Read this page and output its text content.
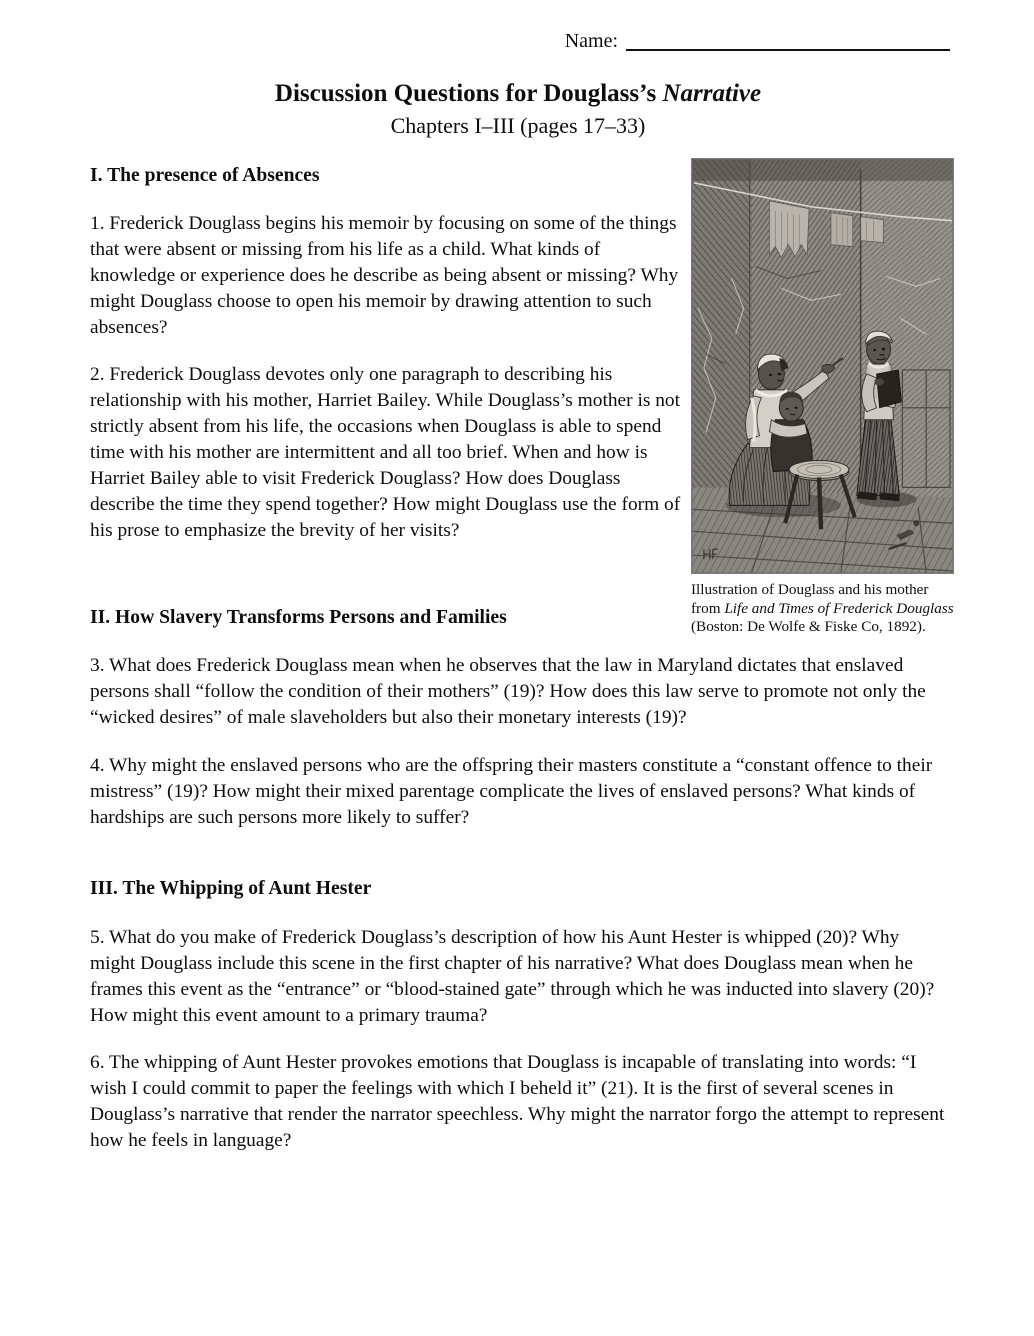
Name:
Discussion Questions for Douglass’s Narrative
Chapters I–III (pages 17–33)
Illustration of Douglass and his mother
from Life and Times of Frederick Douglass
(Boston: De Wolfe & Fiske Co, 1892).
I. The presence of Absences
1. Frederick Douglass begins his memoir by focusing on some of the things that were absent or missing from his life as a child. What kinds of knowledge or experience does he describe as being absent or missing? Why might Douglass choose to open his memoir by drawing attention to such absences?
2. Frederick Douglass devotes only one paragraph to describing his relationship with his mother, Harriet Bailey. While Douglass’s mother is not strictly absent from his life, the occasions when Douglass is able to spend time with his mother are intermittent and all too brief. When and how is Harriet Bailey able to visit Frederick Douglass? How does Douglass describe the time they spend together? How might Douglass use the form of his prose to emphasize the brevity of her visits?
II. How Slavery Transforms Persons and Families
3. What does Frederick Douglass mean when he observes that the law in Maryland dictates that enslaved persons shall “follow the condition of their mothers” (19)? How does this law serve to promote not only the “wicked desires” of male slaveholders but also their monetary interests (19)?
4. Why might the enslaved persons who are the offspring their masters constitute a “constant offence to their mistress” (19)? How might their mixed parentage complicate the lives of enslaved persons? What kinds of hardships are such persons more likely to suffer?
III. The Whipping of Aunt Hester
5. What do you make of Frederick Douglass’s description of how his Aunt Hester is whipped (20)? Why might Douglass include this scene in the first chapter of his narrative? What does Douglass mean when he frames this event as the “entrance” or “blood-stained gate” through which he was inducted into slavery (20)? How might this event amount to a primary trauma?
6. The whipping of Aunt Hester provokes emotions that Douglass is incapable of translating into words: “I wish I could commit to paper the feelings with which I beheld it” (21). It is the first of several scenes in Douglass’s narrative that render the narrator speechless. Why might the narrator forgo the attempt to represent how he feels in language?
